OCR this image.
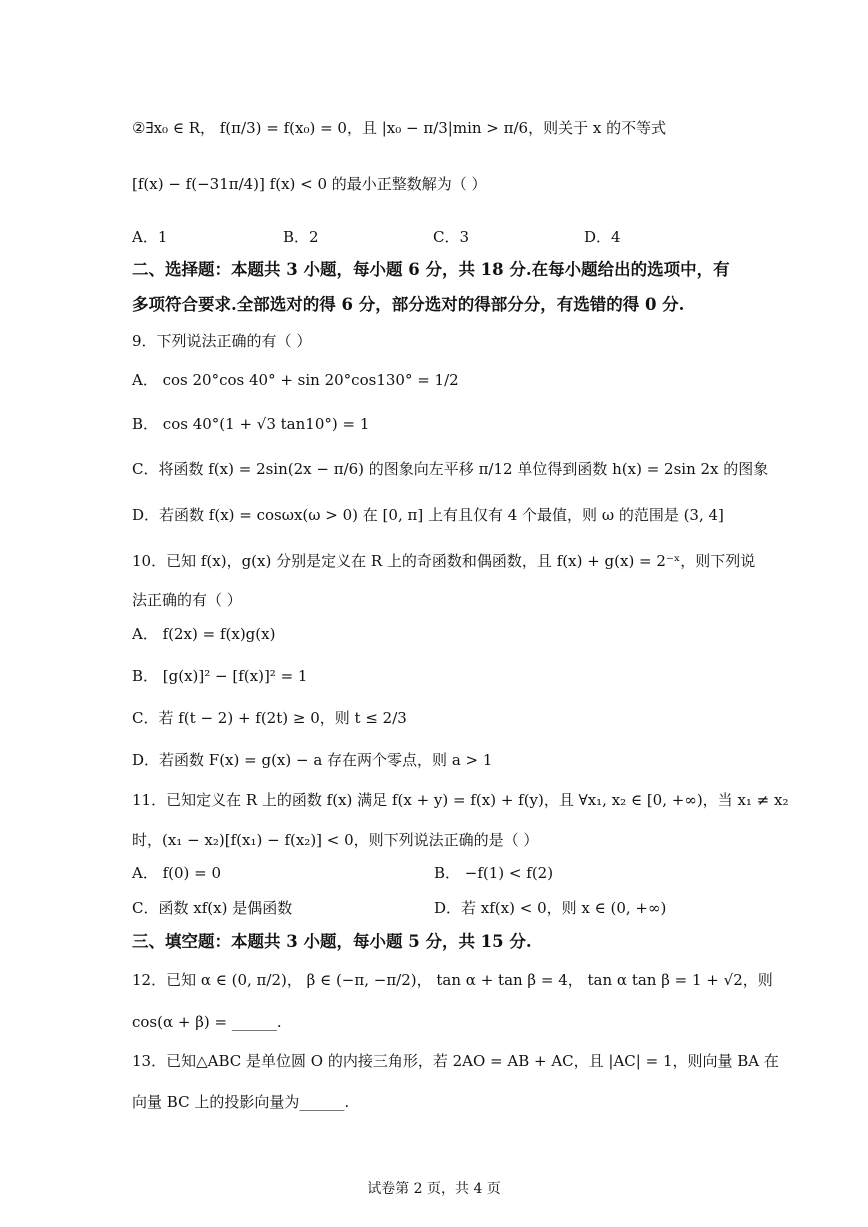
②∃x₀ ∈ R， f(π/3) = f(x₀) = 0，且 |x₀ − π/3|min > π/6，则关于 x 的不等式
[f(x) − f(−31π/4)] f(x) < 0 的最小正整数解为（ ）
A．1	B．2	C．3	D．4
二、选择题：本题共 3 小题，每小题 6 分，共 18 分.在每小题给出的选项中，有
多项符合要求.全部选对的得 6 分，部分选对的得部分分，有选错的得 0 分.
9．下列说法正确的有（ ）
A． cos 20°cos 40° + sin 20°cos130° = 1/2
B． cos 40°(1 + √3 tan10°) = 1
C．将函数 f(x) = 2sin(2x − π/6) 的图象向左平移 π/12 单位得到函数 h(x) = 2sin 2x 的图象
D．若函数 f(x) = cosωx(ω > 0) 在 [0, π] 上有且仅有 4 个最值，则 ω 的范围是 (3, 4]
10．已知 f(x)，g(x) 分别是定义在 R 上的奇函数和偶函数，且 f(x) + g(x) = 2⁻ˣ，则下列说
法正确的有（ ）
A． f(2x) = f(x)g(x)
B． [g(x)]² − [f(x)]² = 1
C．若 f(t − 2) + f(2t) ≥ 0，则 t ≤ 2/3
D．若函数 F(x) = g(x) − a 存在两个零点，则 a > 1
11．已知定义在 R 上的函数 f(x) 满足 f(x + y) = f(x) + f(y)，且 ∀x₁, x₂ ∈ [0, +∞)，当 x₁ ≠ x₂
时，(x₁ − x₂)[f(x₁) − f(x₂)] < 0，则下列说法正确的是（ ）
A． f(0) = 0	B． −f(1) < f(2)
C．函数 xf(x) 是偶函数	D．若 xf(x) < 0，则 x ∈ (0, +∞)
三、填空题：本题共 3 小题，每小题 5 分，共 15 分.
12．已知 α ∈ (0, π/2)， β ∈ (−π, −π/2)， tan α + tan β = 4， tan α tan β = 1 + √2，则
cos(α + β) = ______.
13．已知△ABC 是单位圆 O 的内接三角形，若 2AO = AB + AC，且 |AC| = 1，则向量 BA 在
向量 BC 上的投影向量为______.
试卷第 2 页，共 4 页
